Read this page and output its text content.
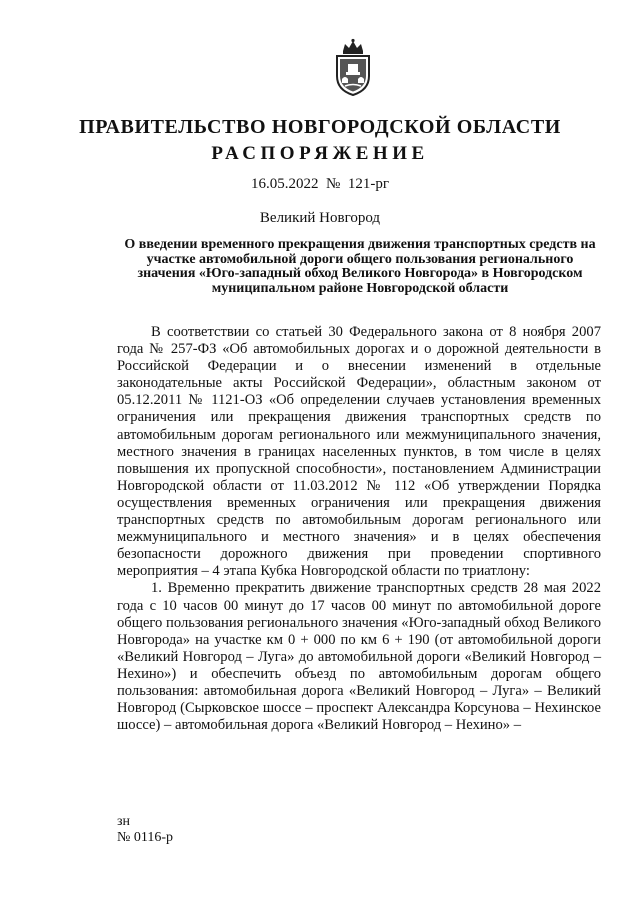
ПРАВИТЕЛЬСТВО НОВГОРОДСКОЙ ОБЛАСТИ
РАСПОРЯЖЕНИЕ
16.05.2022 № 121-рг
Великий Новгород

О введении временного прекращения движения транспортных средств на участке автомобильной дороги общего пользования регионального значения «Юго-западный обход Великого Новгорода» в Новгородском муниципальном районе Новгородской области

В соответствии со статьей 30 Федерального закона от 8 ноября 2007 года № 257-ФЗ «Об автомобильных дорогах и о дорожной деятельности в Российской Федерации и о внесении изменений в отдельные законодательные акты Российской Федерации», областным законом от 05.12.2011 № 1121-ОЗ «Об определении случаев установления временных ограничения или прекращения движения транспортных средств по автомобильным дорогам регионального или межмуниципального значения, местного значения в границах населенных пунктов, в том числе в целях повышения их пропускной способности», постановлением Администрации Новгородской области от 11.03.2012 № 112 «Об утверждении Порядка осуществления временных ограничения или прекращения движения транспортных средств по автомобильным дорогам регионального или межмуниципального и местного значения» и в целях обеспечения безопасности дорожного движения при проведении спортивного мероприятия – 4 этапа Кубка Новгородской области по триатлону:

1. Временно прекратить движение транспортных средств 28 мая 2022 года с 10 часов 00 минут до 17 часов 00 минут по автомобильной дороге общего пользования регионального значения «Юго-западный обход Великого Новгорода» на участке км 0 + 000 по км 6 + 190 (от автомобильной дороги «Великий Новгород – Луга» до автомобильной дороги «Великий Новгород – Нехино») и обеспечить объезд по автомобильным дорогам общего пользования: автомобильная дорога «Великий Новгород – Луга» – Великий Новгород (Сырковское шоссе – проспект Александра Корсунова – Нехинское шоссе) – автомобильная дорога «Великий Новгород – Нехино» –

зн
№ 0116-р
